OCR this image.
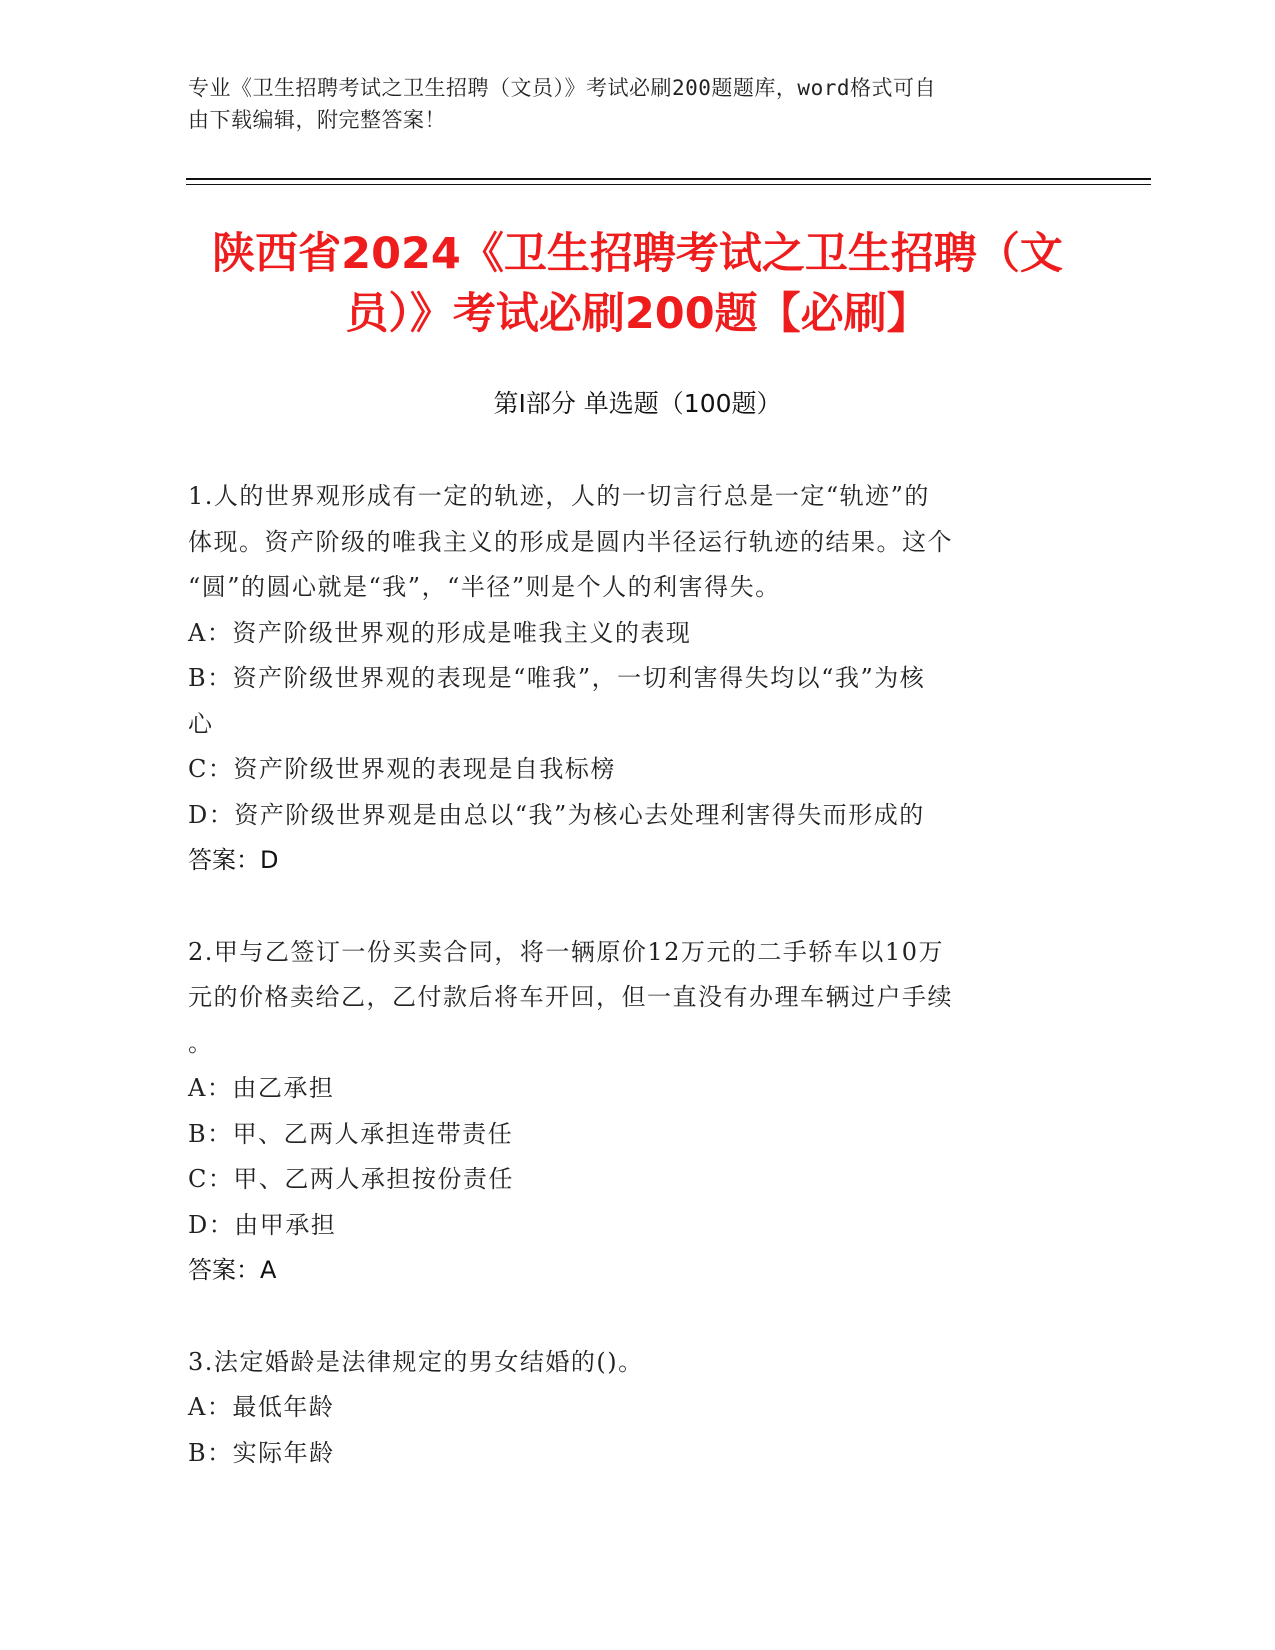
专业《卫生招聘考试之卫生招聘（文员）》考试必刷200题题库，word格式可自
由下载编辑，附完整答案！
陕西省2024《卫生招聘考试之卫生招聘（文
员）》考试必刷200题【必刷】
第Ⅰ部分 单选题（100题）
1.人的世界观形成有一定的轨迹，人的一切言行总是一定“轨迹”的
体现。资产阶级的唯我主义的形成是圆内半径运行轨迹的结果。这个
“圆”的圆心就是“我”，“半径”则是个人的利害得失。
A：资产阶级世界观的形成是唯我主义的表现
B：资产阶级世界观的表现是“唯我”，一切利害得失均以“我”为核
心
C：资产阶级世界观的表现是自我标榜
D：资产阶级世界观是由总以“我”为核心去处理利害得失而形成的
答案：D
2.甲与乙签订一份买卖合同，将一辆原价12万元的二手轿车以10万
元的价格卖给乙，乙付款后将车开回，但一直没有办理车辆过户手续
。
A：由乙承担
B：甲、乙两人承担连带责任
C：甲、乙两人承担按份责任
D：由甲承担
答案：A
3.法定婚龄是法律规定的男女结婚的()。
A：最低年龄
B：实际年龄
